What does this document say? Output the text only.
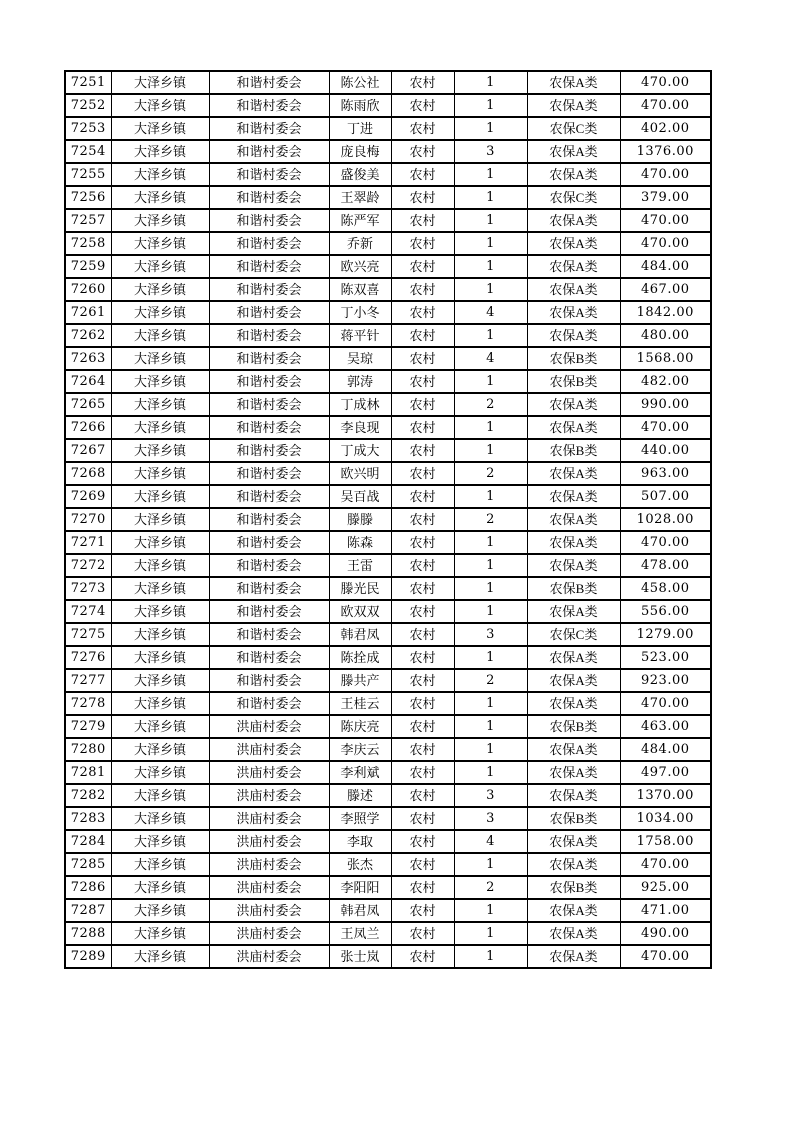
7251	大泽乡镇	和谐村委会	陈公社	农村	1	农保A类	470.00
7252	大泽乡镇	和谐村委会	陈雨欣	农村	1	农保A类	470.00
7253	大泽乡镇	和谐村委会	丁进	农村	1	农保C类	402.00
7254	大泽乡镇	和谐村委会	庞良梅	农村	3	农保A类	1376.00
7255	大泽乡镇	和谐村委会	盛俊美	农村	1	农保A类	470.00
7256	大泽乡镇	和谐村委会	王翠龄	农村	1	农保C类	379.00
7257	大泽乡镇	和谐村委会	陈严军	农村	1	农保A类	470.00
7258	大泽乡镇	和谐村委会	乔新	农村	1	农保A类	470.00
7259	大泽乡镇	和谐村委会	欧兴亮	农村	1	农保A类	484.00
7260	大泽乡镇	和谐村委会	陈双喜	农村	1	农保A类	467.00
7261	大泽乡镇	和谐村委会	丁小冬	农村	4	农保A类	1842.00
7262	大泽乡镇	和谐村委会	蒋平针	农村	1	农保A类	480.00
7263	大泽乡镇	和谐村委会	吴琼	农村	4	农保B类	1568.00
7264	大泽乡镇	和谐村委会	郭涛	农村	1	农保B类	482.00
7265	大泽乡镇	和谐村委会	丁成林	农村	2	农保A类	990.00
7266	大泽乡镇	和谐村委会	李良现	农村	1	农保A类	470.00
7267	大泽乡镇	和谐村委会	丁成大	农村	1	农保B类	440.00
7268	大泽乡镇	和谐村委会	欧兴明	农村	2	农保A类	963.00
7269	大泽乡镇	和谐村委会	吴百战	农村	1	农保A类	507.00
7270	大泽乡镇	和谐村委会	滕滕	农村	2	农保A类	1028.00
7271	大泽乡镇	和谐村委会	陈森	农村	1	农保A类	470.00
7272	大泽乡镇	和谐村委会	王雷	农村	1	农保A类	478.00
7273	大泽乡镇	和谐村委会	滕光民	农村	1	农保B类	458.00
7274	大泽乡镇	和谐村委会	欧双双	农村	1	农保A类	556.00
7275	大泽乡镇	和谐村委会	韩君凤	农村	3	农保C类	1279.00
7276	大泽乡镇	和谐村委会	陈拴成	农村	1	农保A类	523.00
7277	大泽乡镇	和谐村委会	滕共产	农村	2	农保A类	923.00
7278	大泽乡镇	和谐村委会	王桂云	农村	1	农保A类	470.00
7279	大泽乡镇	洪庙村委会	陈庆亮	农村	1	农保B类	463.00
7280	大泽乡镇	洪庙村委会	李庆云	农村	1	农保A类	484.00
7281	大泽乡镇	洪庙村委会	李利斌	农村	1	农保A类	497.00
7282	大泽乡镇	洪庙村委会	滕述	农村	3	农保A类	1370.00
7283	大泽乡镇	洪庙村委会	李照学	农村	3	农保B类	1034.00
7284	大泽乡镇	洪庙村委会	李取	农村	4	农保A类	1758.00
7285	大泽乡镇	洪庙村委会	张杰	农村	1	农保A类	470.00
7286	大泽乡镇	洪庙村委会	李阳阳	农村	2	农保B类	925.00
7287	大泽乡镇	洪庙村委会	韩君凤	农村	1	农保A类	471.00
7288	大泽乡镇	洪庙村委会	王凤兰	农村	1	农保A类	490.00
7289	大泽乡镇	洪庙村委会	张士岚	农村	1	农保A类	470.00
